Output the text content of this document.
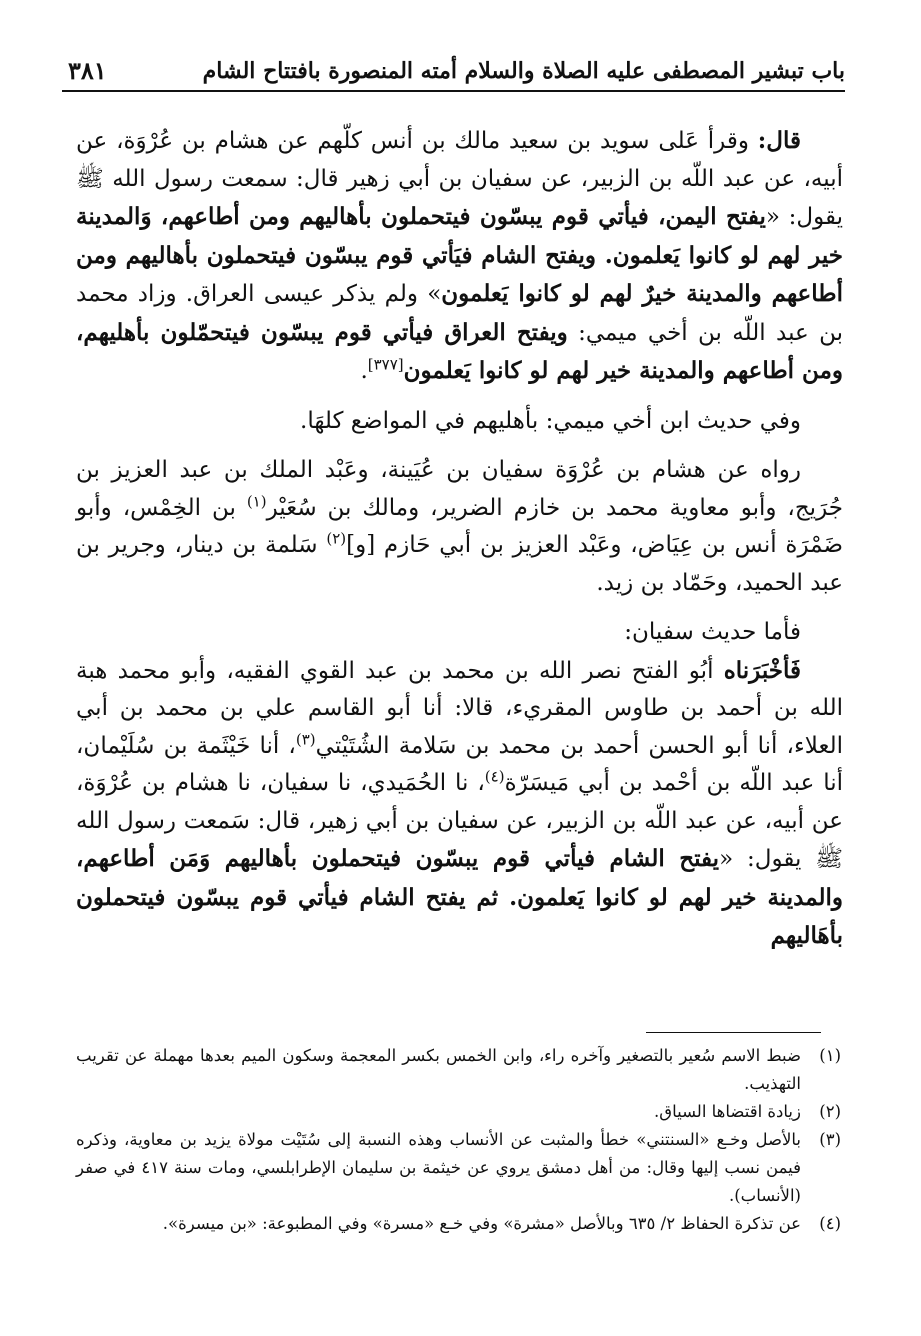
باب تبشير المصطفى عليه الصلاة والسلام أمته المنصورة بافتتاح الشام
٣٨١

قال: وقرأ عَلى سويد بن سعيد مالك بن أنس كلّهم عن هشام بن عُرْوَة، عن أبيه، عن عبد اللّه بن الزبير، عن سفيان بن أبي زهير قال: سمعت رسول الله ﷺ يقول: «يفتح اليمن، فيأتي قوم يبسّون فيتحملون بأهاليهم ومن أطاعهم، وَالمدينة خير لهم لو كانوا يَعلمون. ويفتح الشام فيَأتي قوم يبسّون فيتحملون بأهاليهم ومن أطاعهم والمدينة خيرٌ لهم لو كانوا يَعلمون» ولم يذكر عيسى العراق. وزاد محمد بن عبد اللّه بن أخي ميمي: ويفتح العراق فيأتي قوم يبسّون فيتحمّلون بأهليهم، ومن أطاعهم والمدينة خير لهم لو كانوا يَعلمون[٣٧٧].

وفي حديث ابن أخي ميمي: بأهليهم في المواضع كلهَا.

رواه عن هشام بن عُرْوَة سفيان بن عُيَينة، وعَبْد الملك بن عبد العزيز بن جُرَيج، وأبو معاوية محمد بن خازم الضرير، ومالك بن سُعَيْر$^{(١)}$ بن الخِمْس، وأبو ضَمْرَة أنس بن عِيَاض، وعَبْد العزيز بن أبي حَازم [و]$^{(٢)}$ سَلمة بن دينار، وجرير بن عبد الحميد، وحَمّاد بن زيد.

فأما حديث سفيان:

فَأخْبَرَناه أبُو الفتح نصر الله بن محمد بن عبد القوي الفقيه، وأبو محمد هبة الله بن أحمد بن طاوس المقريء، قالا: أنا أبو القاسم علي بن محمد بن أبي العلاء، أنا أبو الحسن أحمد بن محمد بن سَلامة الشُتَيْتي$^{(٣)}$، أنا خَيْثَمة بن سُلَيْمان، أنا عبد اللّه بن أحْمد بن أبي مَيسَرّة$^{(٤)}$، نا الحُمَيدي، نا سفيان، نا هشام بن عُرْوَة، عن أبيه، عن عبد اللّه بن الزبير، عن سفيان بن أبي زهير، قال: سَمعت رسول الله ﷺ يقول: «يفتح الشام فيأتي قوم يبسّون فيتحملون بأهاليهم وَمَن أطاعهم، والمدينة خير لهم لو كانوا يَعلمون. ثم يفتح الشام فيأتي قوم يبسّون فيتحملون بأهَاليهم

(١)
ضبط الاسم سُعير بالتصغير وآخره راء، وابن الخمس بكسر المعجمة وسكون الميم بعدها مهملة عن تقريب التهذيب.
(٢)
زيادة اقتضاها السياق.
(٣)
بالأصل وخـع «السنتني» خطأ والمثبت عن الأنساب وهذه النسبة إلى سُتَيْت مولاة يزيد بن معاوية، وذكره فيمن نسب إليها وقال: من أهل دمشق يروي عن خيثمة بن سليمان الإطرابلسي، ومات سنة ٤١٧ في صفر (الأنساب).
(٤)
عن تذكرة الحفاظ ٢/ ٦٣٥ وبالأصل «مشرة» وفي خـع «مسرة» وفي المطبوعة: «بن ميسرة».
